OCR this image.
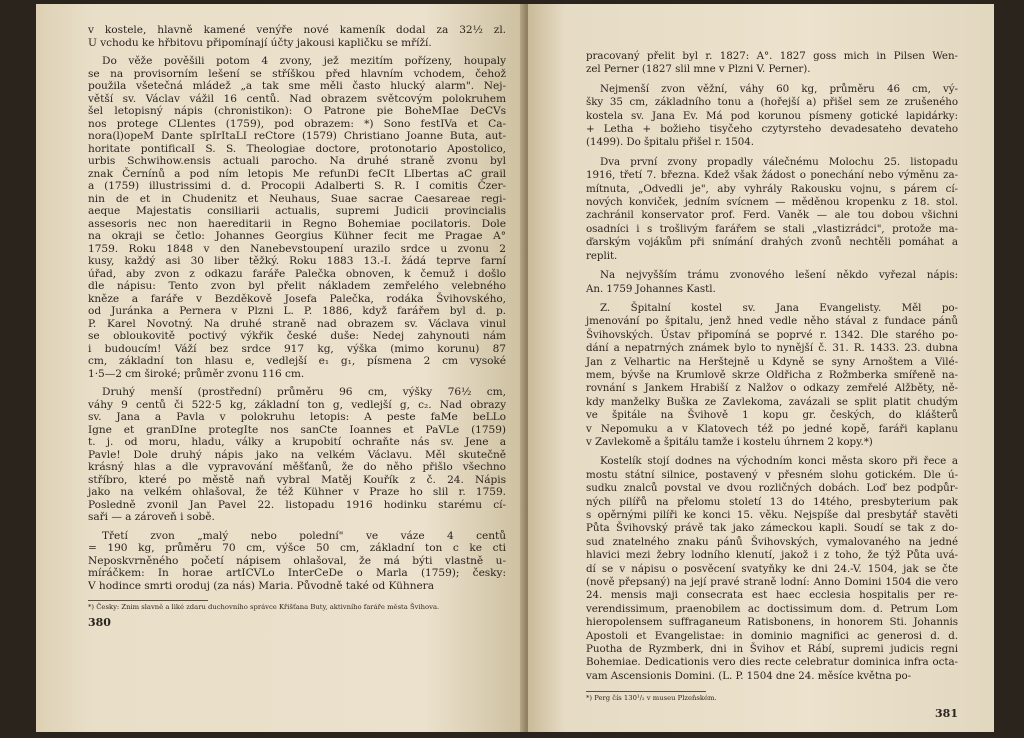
v kostele, hlavně kamené venýře nové kameník dodal za 32½ zl.
U vchodu ke hřbitovu připomínají účty jakousi kapličku se mříží.
Do věže pověšili potom 4 zvony, jež mezitím pořízeny, houpaly
se na provisorním lešení se stříškou před hlavním vchodem, čehož
použila všetečná mládež „a tak sme měli často hlucký alarm". Nej-
větší sv. Václav vážil 16 centů. Nad obrazem světcovým polokruhem
šel letopisný nápis (chronistikon): O Patrone pie BoheMIae DeCVs
nos protege CLlentes (1759), pod obrazem: *) Sono festIVa et Ca-
nora(l)opeM Dante spIrItaLI reCtore (1579) Christiano Joanne Buta, aut-
horitate pontificalI S. S. Theologiae doctore, protonotario Apostolico,
urbis Schwihow.ensis actuali parocho. Na druhé straně zvonu byl
znak Černínů a pod ním letopis Me refunDi feCIt LIbertas aC grail
a (1759) illustrissimi d. d. Procopii Adalberti S. R. I comitis Čzer-
nin de et in Chudenitz et Neuhaus, Suae sacrae Caesareae regi-
aeque Majestatis consiliarii actualis, supremi Judicii provincialis
assesoris nec non haereditarii in Regno Bohemiae pocilatoris. Dole
na okraji se četlo: Johannes Georgius Kühner fecit me Pragae A°
1759. Roku 1848 v den Nanebevstoupení urazilo srdce u zvonu 2
kusy, každý asi 30 liber těžký. Roku 1883 13.-I. žádá teprve farní
úřad, aby zvon z odkazu faráře Palečka obnoven, k čemuž i došlo
dle nápisu: Tento zvon byl přelit nákladem zemřelého velebného
kněze a faráře v Bezděkově Josefa Palečka, rodáka Švihovského,
od Juránka a Pernera v Plzni L. P. 1886, když farářem byl d. p.
P. Karel Novotný. Na druhé straně nad obrazem sv. Václava vinul
se obloukovitě poctivý výkřik české duše: Nedej zahynouti nám
i budoucím! Váží bez srdce 917 kg, výška (mimo korunu) 87
cm, základní ton hlasu e, vedlejší e₁ g₁, písmena 2 cm vysoké
1·5—2 cm široké; průměr zvonu 116 cm.
Druhý menší (prostřední) průměru 96 cm, výšky 76½ cm,
váhy 9 centů či 522·5 kg, základní ton g, vedlejší g, c₂. Nad obrazy
sv. Jana a Pavla v polokruhu letopis: A peste faMe beLLo
Igne et granDIne protegIte nos sanCte Ioannes et PaVLe (1759)
t. j. od moru, hladu, války a krupobití ochraňte nás sv. Jene a
Pavle! Dole druhý nápis jako na velkém Václavu. Měl skutečně
krásný hlas a dle vypravování měšťanů, že do něho přišlo všechno
stříbro, které po městě naň vybral Matěj Kouřík z č. 24. Nápis
jako na velkém ohlašoval, že též Kühner v Praze ho slil r. 1759.
Posledně zvonil Jan Pavel 22. listopadu 1916 hodinku starému cí-
saři — a zároveň i sobě.
Třetí zvon „malý nebo polední" ve váze 4 centů
= 190 kg, průměru 70 cm, výšce 50 cm, základní ton c ke cti
Neposkvrněného početí nápisem ohlašoval, že má býti vlastně u-
míráčkem: In horae artICVLo InterCeDe o Marla (1759); česky:
V hodince smrti oroduj (za nás) Maria. Původně také od Kühnera
*) Česky: Znim slavně a liké zdaru duchovního správce Křišťana Buty, aktivního faráře města Švihova.
380
pracovaný přelit byl r. 1827: A°. 1827 goss mich in Pilsen Wen-
zel Perner (1827 slil mne v Plzni V. Perner).
Nejmenší zvon věžní, váhy 60 kg, průměru 46 cm, vý-
šky 35 cm, základního tonu a (hořejší a) přišel sem ze zrušeného
kostela sv. Jana Ev. Má pod korunou písmeny gotické lapidárky:
+ Letha + božieho tisyčeho czytyrsteho devadesateho devateho
(1499). Do špitalu přišel r. 1504.
Dva první zvony propadly válečnému Molochu 25. listopadu
1916, třetí 7. března. Kdež však žádost o ponechání nebo výměnu za-
mítnuta, „Odvedli je", aby vyhrály Rakousku vojnu, s párem cí-
nových konviček, jedním svícnem — měděnou kropenku z 18. stol.
zachránil konservator prof. Ferd. Vaněk — ale tou dobou všichni
osadníci i s trošlivým farářem se stali „vlastizrádci", protože ma-
ďarským vojákům při snímání drahých zvonů nechtěli pomáhat a
replit.
Na nejvyšším trámu zvonového lešení někdo vyřezal nápis:
An. 1759 Johannes Kastl.
Z. Špitalní kostel sv. Jana Evangelisty. Měl po-
jmenování po špitalu, jenž hned vedle něho stával z fundace pánů
Švihovských. Ústav připomíná se poprvé r. 1342. Dle starého po-
dání a nepatrných známek bylo to nynější č. 31. R. 1433. 23. dubna
Jan z Velhartic na Herštejně u Kdyně se syny Arnoštem a Vilé-
mem, bývše na Krumlově skrze Oldřicha z Rožmberka smířeně na-
rovnání s Jankem Hrabiší z Nalžov o odkazy zemřelé Alžběty, ně-
kdy manželky Buška ze Zavlekoma, zavázali se split platit chudým
ve špitále na Švihově 1 kopu gr. českých, do klášterů
v Nepomuku a v Klatovech též po jedné kopě, faráři kaplanu
v Zavlekomě a špitálu tamže i kostelu úhrnem 2 kopy.*)
Kostelík stojí dodnes na východním konci města skoro při řece a
mostu státní silnice, postavený v přesném slohu gotickém. Dle ú-
sudku znalců povstal ve dvou rozličných dobách. Loď bez podpůr-
ných pilířů na přelomu století 13 do 14tého, presbyterium pak
s opěrnými pilíři ke konci 15. věku. Nejspíše dal presbytář stavěti
Půta Švihovský právě tak jako zámeckou kapli. Soudí se tak z do-
sud znatelného znaku pánů Švihovských, vymalovaného na jedné
hlavici mezi žebry lodního klenutí, jakož i z toho, že týž Půta uvá-
dí se v nápisu o posvěcení svatyňky ke dni 24.-V. 1504, jak se čte
(nově přepsaný) na její pravé straně lodní: Anno Domini 1504 die vero
24. mensis maji consecrata est haec ecclesia hospitalis per re-
verendissimum, praenobilem ac doctissimum dom. d. Petrum Lom
hieropolensem suffraganeum Ratisbonens, in honorem Sti. Johannis
Apostoli et Evangelistae: in dominio magnifici ac generosi d. d.
Puotha de Ryzmberk, dni in Švihov et Rábí, supremi judicis regni
Bohemiae. Dedicationis vero dies recte celebratur dominica infra octa-
vam Ascensionis Domini. (L. P. 1504 dne 24. měsíce května po-
*) Perg čís 130¹/₂ v museu Plzeňském.
381
